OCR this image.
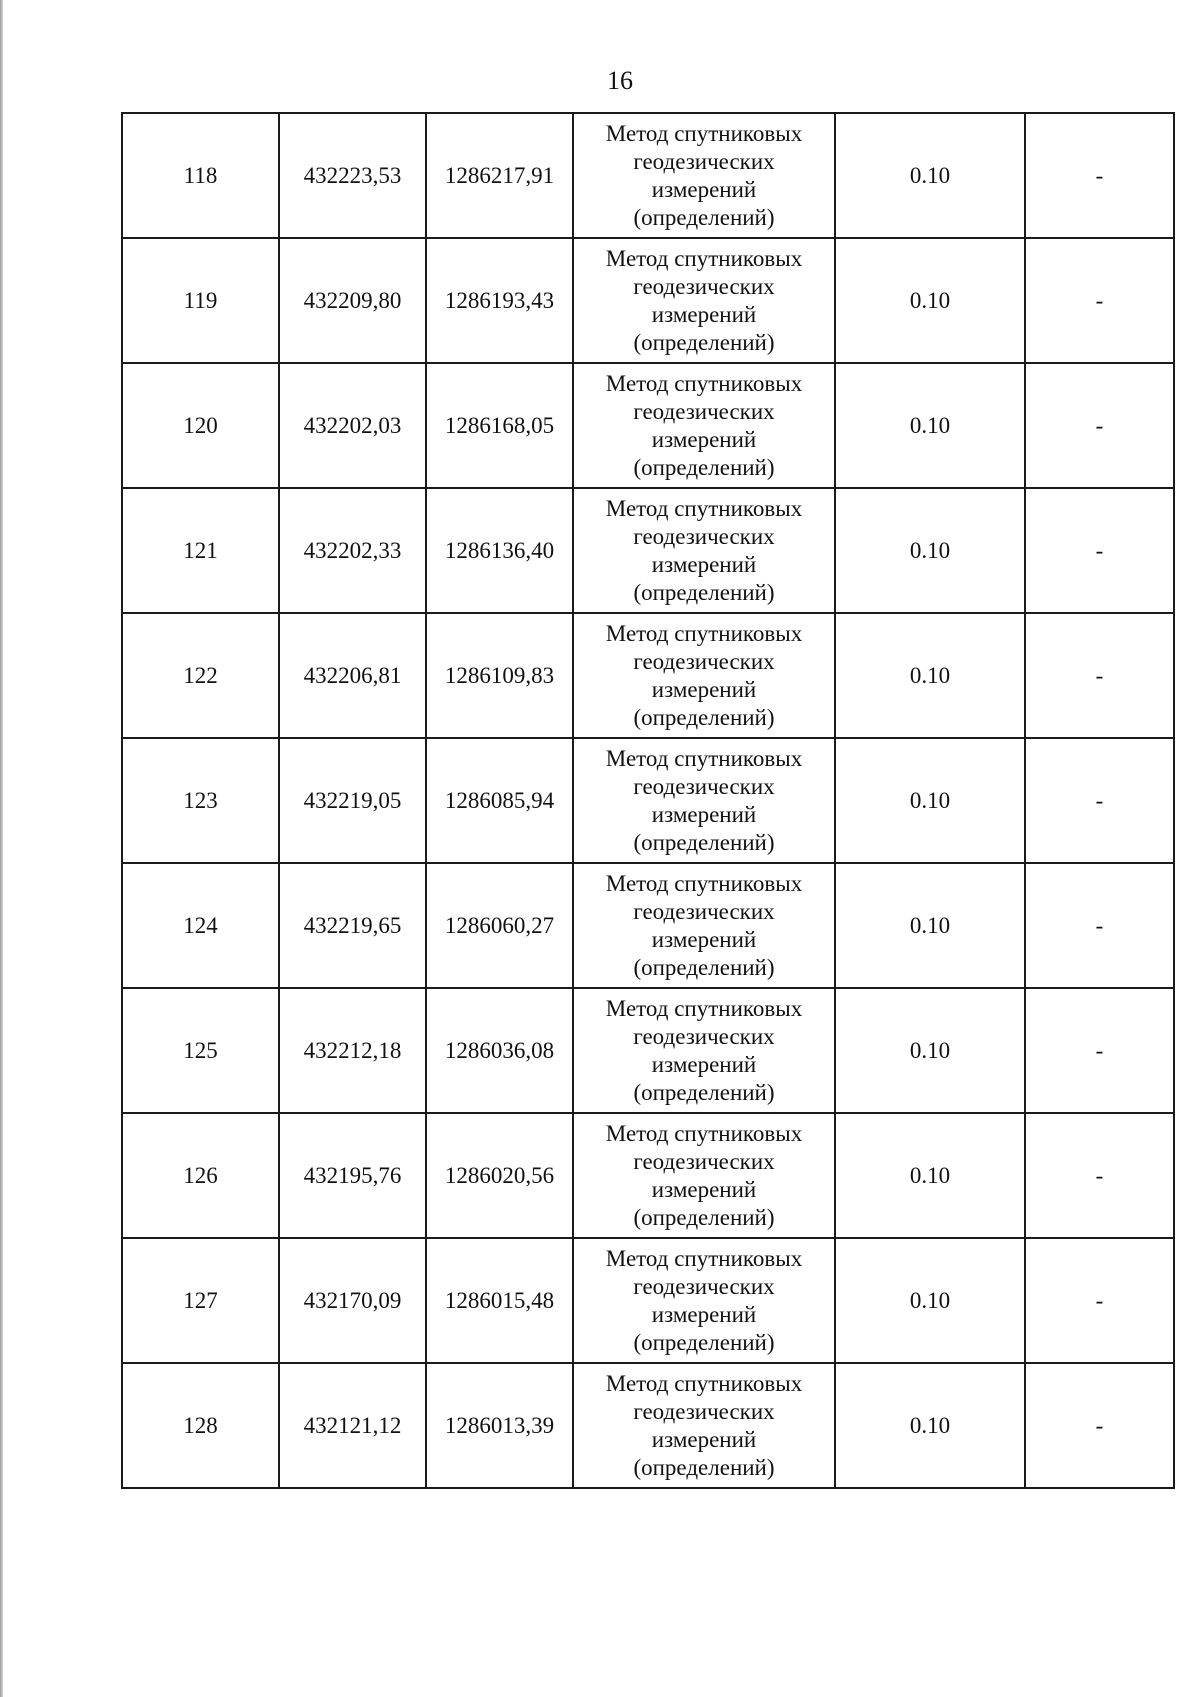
16
118	432223,53	1286217,91	Метод спутниковых
геодезических
измерений
(определений)	0.10	-
119	432209,80	1286193,43	Метод спутниковых
геодезических
измерений
(определений)	0.10	-
120	432202,03	1286168,05	Метод спутниковых
геодезических
измерений
(определений)	0.10	-
121	432202,33	1286136,40	Метод спутниковых
геодезических
измерений
(определений)	0.10	-
122	432206,81	1286109,83	Метод спутниковых
геодезических
измерений
(определений)	0.10	-
123	432219,05	1286085,94	Метод спутниковых
геодезических
измерений
(определений)	0.10	-
124	432219,65	1286060,27	Метод спутниковых
геодезических
измерений
(определений)	0.10	-
125	432212,18	1286036,08	Метод спутниковых
геодезических
измерений
(определений)	0.10	-
126	432195,76	1286020,56	Метод спутниковых
геодезических
измерений
(определений)	0.10	-
127	432170,09	1286015,48	Метод спутниковых
геодезических
измерений
(определений)	0.10	-
128	432121,12	1286013,39	Метод спутниковых
геодезических
измерений
(определений)	0.10	-
